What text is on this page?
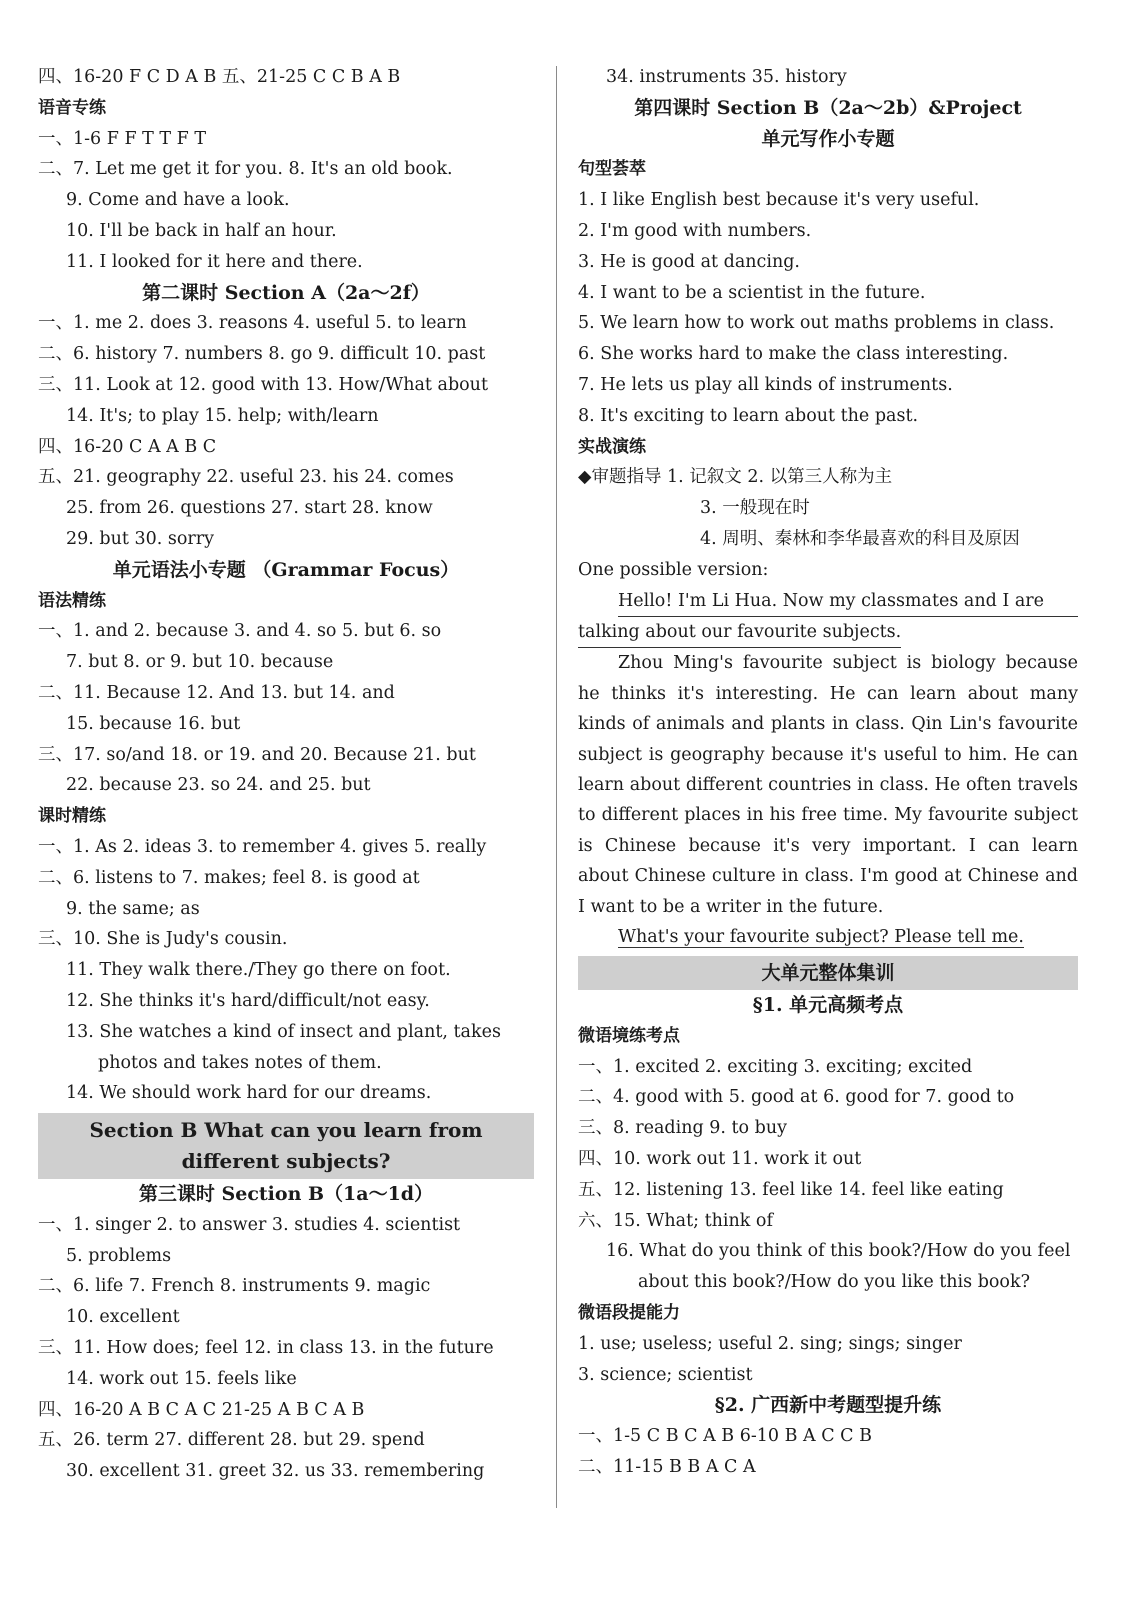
四、16-20 F C D A B 五、21-25 C C B A B
语音专练
一、1-6 F F T T F T
二、7. Let me get it for you. 8. It's an old book.
9. Come and have a look.
10. I'll be back in half an hour.
11. I looked for it here and there.
第二课时 Section A（2a～2f）
一、1. me 2. does 3. reasons 4. useful 5. to learn
二、6. history 7. numbers 8. go 9. difficult 10. past
三、11. Look at 12. good with 13. How/What about
14. It's; to play 15. help; with/learn
四、16-20 C A A B C
五、21. geography 22. useful 23. his 24. comes
25. from 26. questions 27. start 28. know
29. but 30. sorry
单元语法小专题 （Grammar Focus）
语法精练
一、1. and 2. because 3. and 4. so 5. but 6. so
7. but 8. or 9. but 10. because
二、11. Because 12. And 13. but 14. and
15. because 16. but
三、17. so/and 18. or 19. and 20. Because 21. but
22. because 23. so 24. and 25. but
课时精练
一、1. As 2. ideas 3. to remember 4. gives 5. really
二、6. listens to 7. makes; feel 8. is good at
9. the same; as
三、10. She is Judy's cousin.
11. They walk there./They go there on foot.
12. She thinks it's hard/difficult/not easy.
13. She watches a kind of insect and plant, takes
photos and takes notes of them.
14. We should work hard for our dreams.
Section B What can you learn from
different subjects?
第三课时 Section B（1a～1d）
一、1. singer 2. to answer 3. studies 4. scientist
5. problems
二、6. life 7. French 8. instruments 9. magic
10. excellent
三、11. How does; feel 12. in class 13. in the future
14. work out 15. feels like
四、16-20 A B C A C 21-25 A B C A B
五、26. term 27. different 28. but 29. spend
30. excellent 31. greet 32. us 33. remembering
34. instruments 35. history
第四课时 Section B（2a～2b）&Project
单元写作小专题
句型荟萃
1. I like English best because it's very useful.
2. I'm good with numbers.
3. He is good at dancing.
4. I want to be a scientist in the future.
5. We learn how to work out maths problems in class.
6. She works hard to make the class interesting.
7. He lets us play all kinds of instruments.
8. It's exciting to learn about the past.
实战演练
◆审题指导 1. 记叙文 2. 以第三人称为主
3. 一般现在时
4. 周明、秦林和李华最喜欢的科目及原因
One possible version:
Hello! I'm Li Hua. Now my classmates and I are
talking about our favourite subjects.
Zhou Ming's favourite subject is biology because he thinks it's interesting. He can learn about many kinds of animals and plants in class. Qin Lin's favourite subject is geography because it's useful to him. He can learn about different countries in class. He often travels to different places in his free time. My favourite subject is Chinese because it's very important. I can learn about Chinese culture in class. I'm good at Chinese and I want to be a writer in the future.
What's your favourite subject? Please tell me.
大单元整体集训
§1. 单元高频考点
微语境练考点
一、1. excited 2. exciting 3. exciting; excited
二、4. good with 5. good at 6. good for 7. good to
三、8. reading 9. to buy
四、10. work out 11. work it out
五、12. listening 13. feel like 14. feel like eating
六、15. What; think of
16. What do you think of this book?/How do you feel
about this book?/How do you like this book?
微语段提能力
1. use; useless; useful 2. sing; sings; singer
3. science; scientist
§2. 广西新中考题型提升练
一、1-5 C B C A B 6-10 B A C C B
二、11-15 B B A C A
